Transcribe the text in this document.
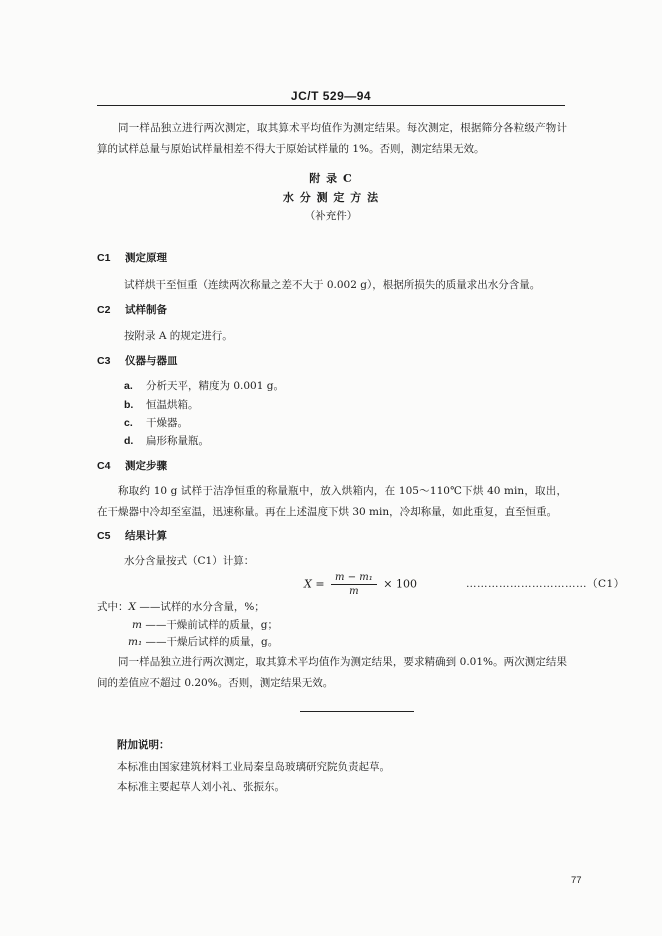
JC/T 529—94
同一样品独立进行两次测定，取其算术平均值作为测定结果。每次测定，根据筛分各粒级产物计算的试样总量与原始试样量相差不得大于原始试样量的 1%。否则，测定结果无效。
附 录 C
水 分 测 定 方 法
（补充件）
C1 测定原理
试样烘干至恒重（连续两次称量之差不大于 0.002 g），根据所损失的质量求出水分含量。
C2 试样制备
按附录 A 的规定进行。
C3 仪器与器皿
a. 分析天平，精度为 0.001 g。
b. 恒温烘箱。
c. 干燥器。
d. 扁形称量瓶。
C4 测定步骤
称取约 10 g 试样于洁净恒重的称量瓶中，放入烘箱内，在 105～110℃下烘 40 min，取出，在干燥器中冷却至室温，迅速称量。再在上述温度下烘 30 min，冷却称量，如此重复，直至恒重。
C5 结果计算
水分含量按式（C1）计算：
$X = \frac{\text{m − m₁}}{m} \times 100$	……………………………（C1）
式中：X ——试样的水分含量，%；
m ——干燥前试样的质量，g；
m₁ ——干燥后试样的质量，g。
同一样品独立进行两次测定，取其算术平均值作为测定结果，要求精确到 0.01%。两次测定结果间的差值应不超过 0.20%。否则，测定结果无效。
附加说明：
本标准由国家建筑材料工业局秦皇岛玻璃研究院负责起草。
本标准主要起草人刘小礼、张振东。
77
